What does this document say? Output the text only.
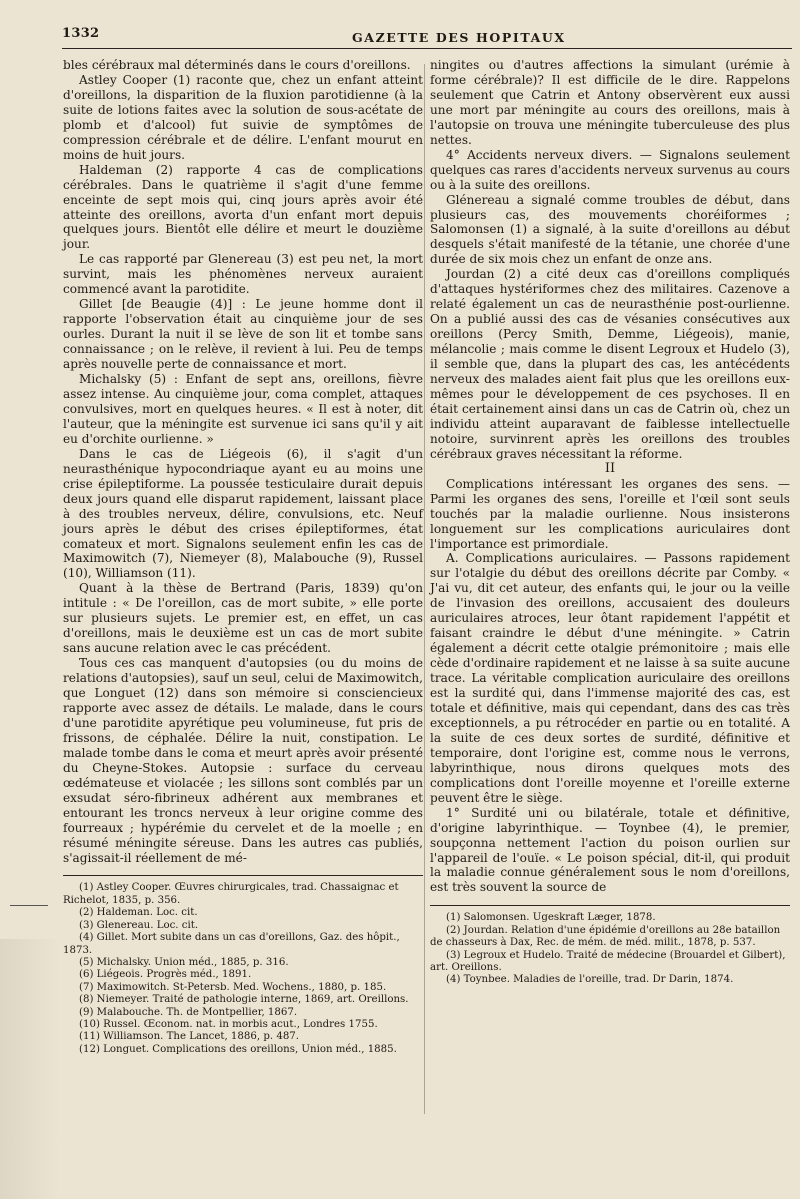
1332	GAZETTE DES HOPITAUX

bles cérébraux mal déterminés dans le cours d'oreillons.

Astley Cooper (1) raconte que, chez un enfant atteint d'oreillons, la disparition de la fluxion parotidienne (à la suite de lotions faites avec la solution de sous-acétate de plomb et d'alcool) fut suivie de symptômes de compression cérébrale et de délire. L'enfant mourut en moins de huit jours.

Haldeman (2) rapporte 4 cas de complications cérébrales. Dans le quatrième il s'agit d'une femme enceinte de sept mois qui, cinq jours après avoir été atteinte des oreillons, avorta d'un enfant mort depuis quelques jours. Bientôt elle délire et meurt le douzième jour.

Le cas rapporté par Glenereau (3) est peu net, la mort survint, mais les phénomènes nerveux auraient commencé avant la parotidite.

Gillet [de Beaugie (4)] : Le jeune homme dont il rapporte l'observation était au cinquième jour de ses ourles. Durant la nuit il se lève de son lit et tombe sans connaissance ; on le relève, il revient à lui. Peu de temps après nouvelle perte de connaissance et mort.

Michalsky (5) : Enfant de sept ans, oreillons, fièvre assez intense. Au cinquième jour, coma complet, attaques convulsives, mort en quelques heures. « Il est à noter, dit l'auteur, que la méningite est survenue ici sans qu'il y ait eu d'orchite ourlienne. »

Dans le cas de Liégeois (6), il s'agit d'un neurasthénique hypocondriaque ayant eu au moins une crise épileptiforme. La poussée testiculaire durait depuis deux jours quand elle disparut rapidement, laissant place à des troubles nerveux, délire, convulsions, etc. Neuf jours après le début des crises épileptiformes, état comateux et mort. Signalons seulement enfin les cas de Maximowitch (7), Niemeyer (8), Malabouche (9), Russel (10), Williamson (11).

Quant à la thèse de Bertrand (Paris, 1839) qu'on intitule : « De l'oreillon, cas de mort subite, » elle porte sur plusieurs sujets. Le premier est, en effet, un cas d'oreillons, mais le deuxième est un cas de mort subite sans aucune relation avec le cas précédent.

Tous ces cas manquent d'autopsies (ou du moins de relations d'autopsies), sauf un seul, celui de Maximowitch, que Longuet (12) dans son mémoire si consciencieux rapporte avec assez de détails. Le malade, dans le cours d'une parotidite apyrétique peu volumineuse, fut pris de frissons, de céphalée. Délire la nuit, constipation. Le malade tombe dans le coma et meurt après avoir présenté du Cheyne-Stokes. Autopsie : surface du cerveau œdémateuse et violacée ; les sillons sont comblés par un exsudat séro-fibrineux adhérent aux membranes et entourant les troncs nerveux à leur origine comme des fourreaux ; hypérémie du cervelet et de la moelle ; en résumé méningite séreuse. Dans les autres cas publiés, s'agissait-il réellement de mé-

(1) Astley Cooper. Œuvres chirurgicales, trad. Chassaignac et Richelot, 1835, p. 356.

(2) Haldeman. Loc. cit.

(3) Glenereau. Loc. cit.

(4) Gillet. Mort subite dans un cas d'oreillons, Gaz. des hôpit., 1873.

(5) Michalsky. Union méd., 1885, p. 316.

(6) Liégeois. Progrès méd., 1891.

(7) Maximowitch. St-Petersb. Med. Wochens., 1880, p. 185.

(8) Niemeyer. Traité de pathologie interne, 1869, art. Oreillons.

(9) Malabouche. Th. de Montpellier, 1867.

(10) Russel. Œconom. nat. in morbis acut., Londres 1755.

(11) Williamson. The Lancet, 1886, p. 487.

(12) Longuet. Complications des oreillons, Union méd., 1885.

ningites ou d'autres affections la simulant (urémie à forme cérébrale)? Il est difficile de le dire. Rappelons seulement que Catrin et Antony observèrent eux aussi une mort par méningite au cours des oreillons, mais à l'autopsie on trouva une méningite tuberculeuse des plus nettes.

4° Accidents nerveux divers. — Signalons seulement quelques cas rares d'accidents nerveux survenus au cours ou à la suite des oreillons.

Glénereau a signalé comme troubles de début, dans plusieurs cas, des mouvements choréiformes ; Salomonsen (1) a signalé, à la suite d'oreillons au début desquels s'était manifesté de la tétanie, une chorée d'une durée de six mois chez un enfant de onze ans.

Jourdan (2) a cité deux cas d'oreillons compliqués d'attaques hystériformes chez des militaires. Cazenove a relaté également un cas de neurasthénie post-ourlienne. On a publié aussi des cas de vésanies consécutives aux oreillons (Percy Smith, Demme, Liégeois), manie, mélancolie ; mais comme le disent Legroux et Hudelo (3), il semble que, dans la plupart des cas, les antécédents nerveux des malades aient fait plus que les oreillons eux-mêmes pour le développement de ces psychoses. Il en était certainement ainsi dans un cas de Catrin où, chez un individu atteint auparavant de faiblesse intellectuelle notoire, survinrent après les oreillons des troubles cérébraux graves nécessitant la réforme.

II

Complications intéressant les organes des sens. — Parmi les organes des sens, l'oreille et l'œil sont seuls touchés par la maladie ourlienne. Nous insisterons longuement sur les complications auriculaires dont l'importance est primordiale.

A. Complications auriculaires. — Passons rapidement sur l'otalgie du début des oreillons décrite par Comby. « J'ai vu, dit cet auteur, des enfants qui, le jour ou la veille de l'invasion des oreillons, accusaient des douleurs auriculaires atroces, leur ôtant rapidement l'appétit et faisant craindre le début d'une méningite. » Catrin également a décrit cette otalgie prémonitoire ; mais elle cède d'ordinaire rapidement et ne laisse à sa suite aucune trace. La véritable complication auriculaire des oreillons est la surdité qui, dans l'immense majorité des cas, est totale et définitive, mais qui cependant, dans des cas très exceptionnels, a pu rétrocéder en partie ou en totalité. A la suite de ces deux sortes de surdité, définitive et temporaire, dont l'origine est, comme nous le verrons, labyrinthique, nous dirons quelques mots des complications dont l'oreille moyenne et l'oreille externe peuvent être le siège.

1° Surdité uni ou bilatérale, totale et définitive, d'origine labyrinthique. — Toynbee (4), le premier, soupçonna nettement l'action du poison ourlien sur l'appareil de l'ouïe. « Le poison spécial, dit-il, qui produit la maladie connue généralement sous le nom d'oreillons, est très souvent la source de

(1) Salomonsen. Ugeskraft Læger, 1878.

(2) Jourdan. Relation d'une épidémie d'oreillons au 28e bataillon de chasseurs à Dax, Rec. de mém. de méd. milit., 1878, p. 537.

(3) Legroux et Hudelo. Traité de médecine (Brouardel et Gilbert), art. Oreillons.

(4) Toynbee. Maladies de l'oreille, trad. Dr Darin, 1874.
